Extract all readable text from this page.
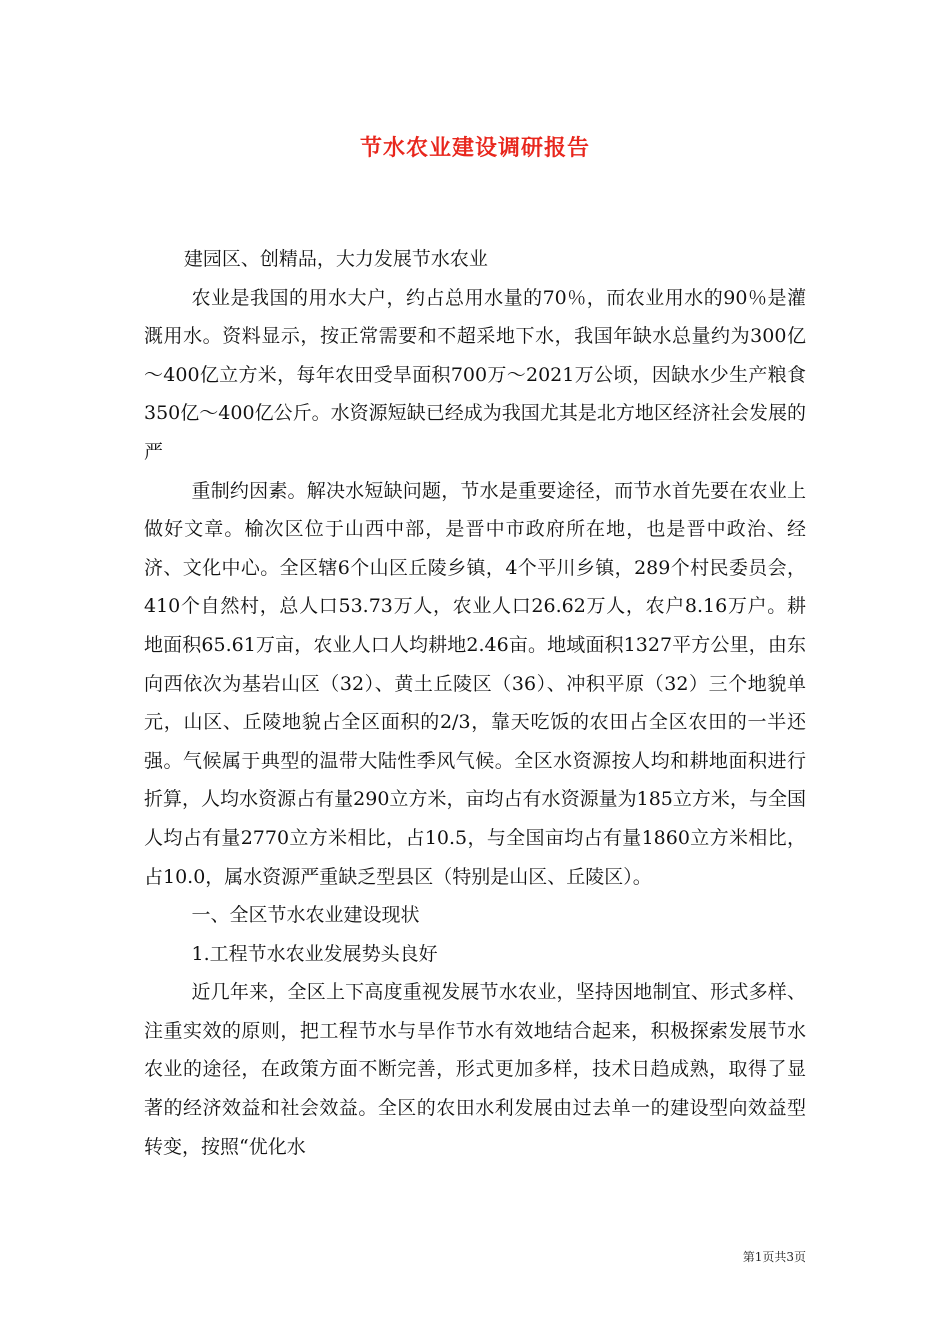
节水农业建设调研报告

建园区、创精品，大力发展节水农业

农业是我国的用水大户，约占总用水量的70％，而农业用水的90％是灌溉用水。资料显示，按正常需要和不超采地下水，我国年缺水总量约为300亿～400亿立方米，每年农田受旱面积700万～2021万公顷，因缺水少生产粮食350亿～400亿公斤。水资源短缺已经成为我国尤其是北方地区经济社会发展的严

重制约因素。解决水短缺问题，节水是重要途径，而节水首先要在农业上做好文章。榆次区位于山西中部，是晋中市政府所在地，也是晋中政治、经济、文化中心。全区辖6个山区丘陵乡镇，4个平川乡镇，289个村民委员会，410个自然村，总人口53.73万人，农业人口26.62万人，农户8.16万户。耕地面积65.61万亩，农业人口人均耕地2.46亩。地域面积1327平方公里，由东向西依次为基岩山区（32）、黄土丘陵区（36）、冲积平原（32）三个地貌单元，山区、丘陵地貌占全区面积的2/3，靠天吃饭的农田占全区农田的一半还强。气候属于典型的温带大陆性季风气候。全区水资源按人均和耕地面积进行折算，人均水资源占有量290立方米，亩均占有水资源量为185立方米，与全国人均占有量2770立方米相比，占10.5，与全国亩均占有量1860立方米相比，占10.0，属水资源严重缺乏型县区（特别是山区、丘陵区）。

一、全区节水农业建设现状

1.工程节水农业发展势头良好

近几年来，全区上下高度重视发展节水农业，坚持因地制宜、形式多样、注重实效的原则，把工程节水与旱作节水有效地结合起来，积极探索发展节水农业的途径，在政策方面不断完善，形式更加多样，技术日趋成熟，取得了显著的经济效益和社会效益。全区的农田水利发展由过去单一的建设型向效益型转变，按照“优化水

第1页共3页
